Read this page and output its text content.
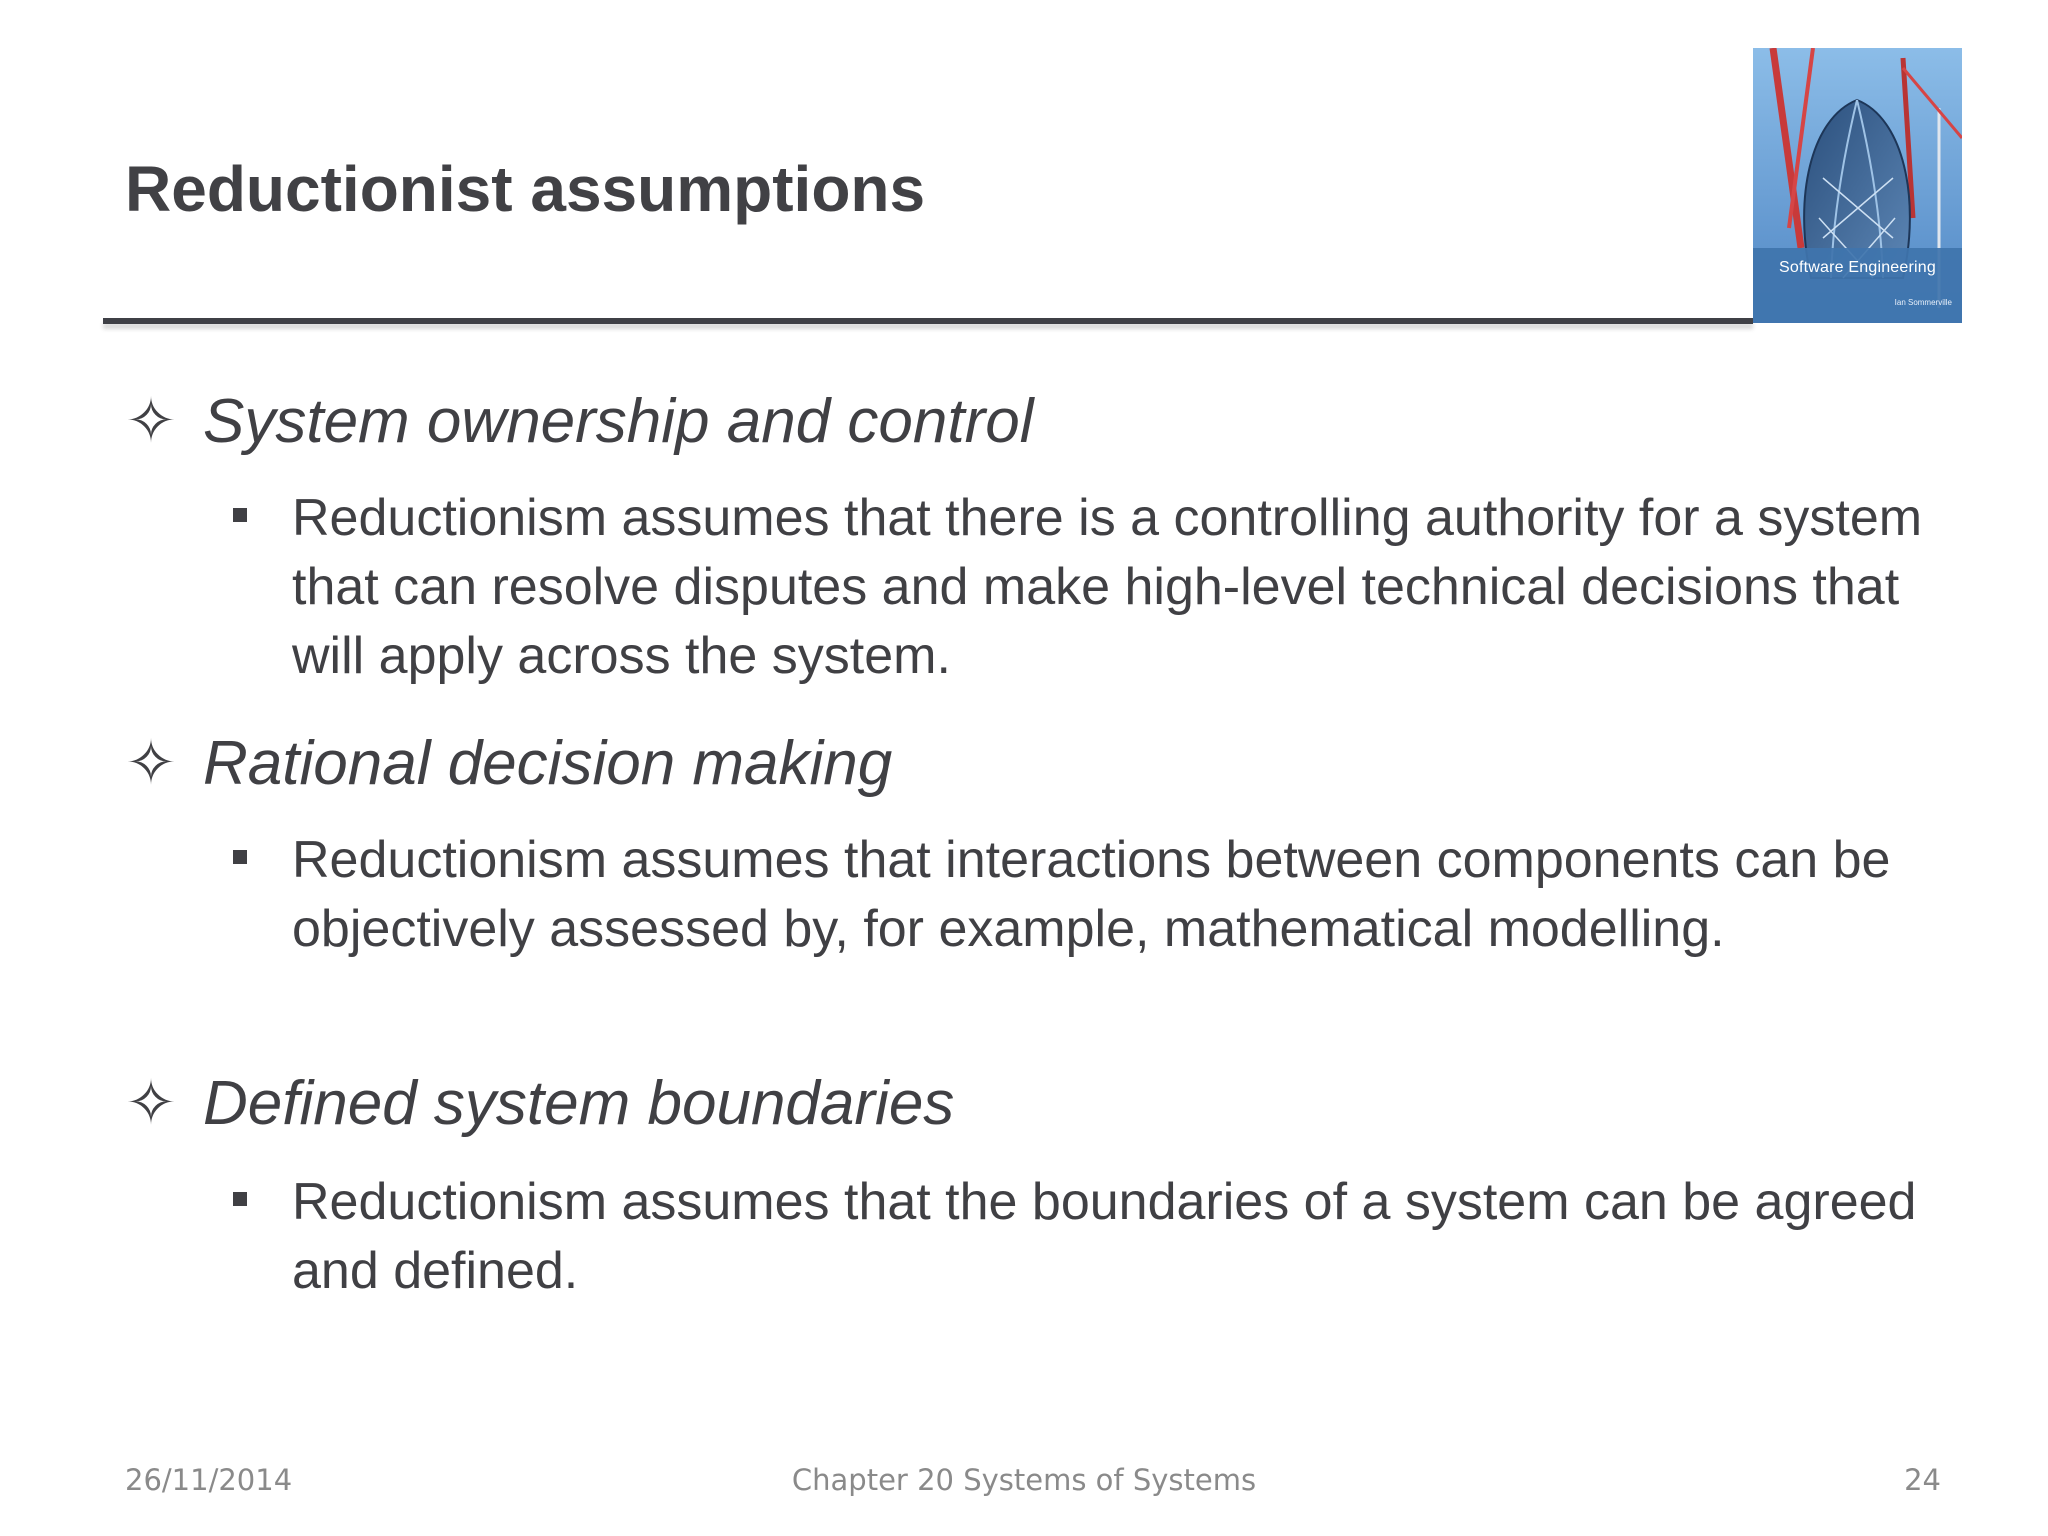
Reductionist assumptions
Software Engineering
Ian Sommerville
✧ System ownership and control
Reductionism assumes that there is a controlling authority for a system that can resolve disputes and make high-level technical decisions that will apply across the system.
✧ Rational decision making
Reductionism assumes that interactions between components can be objectively assessed by, for example, mathematical modelling.
✧ Defined system boundaries
Reductionism assumes that the boundaries of a system can be agreed and defined.
26/11/2014	Chapter 20 Systems of Systems	24
